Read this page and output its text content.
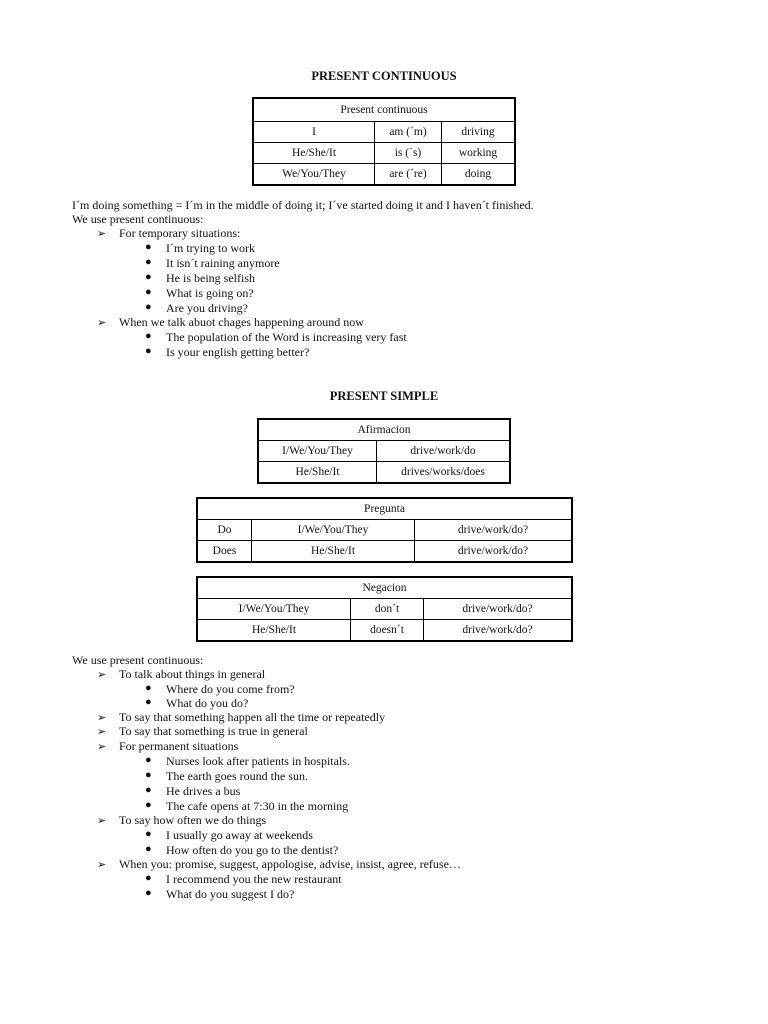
PRESENT CONTINUOUS
Present continuous		
I	am (´m)	driving
He/She/It	is (´s)	working
We/You/They	are (´re)	doing
I´m doing something = I´m in the middle of doing it; I´ve started doing it and I haven´t finished.
We use present continuous:
➢ For temporary situations:
● I´m trying to work
● It isn´t raining anymore
● He is being selfish
● What is going on?
● Are you driving?
➢ When we talk abuot chages happening around now
● The population of the Word is increasing very fast
● Is your english getting better?
PRESENT SIMPLE
Afirmacion	
I/We/You/They	drive/work/do
He/She/It	drives/works/does
Pregunta		
Do	I/We/You/They	drive/work/do?
Does	He/She/It	drive/work/do?
Negacion		
I/We/You/They	don´t	drive/work/do?
He/She/It	doesn´t	drive/work/do?
We use present continuous:
➢ To talk about things in general
● Where do you come from?
● What do you do?
➢ To say that something happen all the time or repeatedly
➢ To say that something is true in general
➢ For permanent situations
● Nurses look after patients in hospitals.
● The earth goes round the sun.
● He drives a bus
● The cafe opens at 7:30 in the morning
➢ To say how often we do things
● I usually go away at weekends
● How often do you go to the dentist?
➢ When you: promise, suggest, appologise, advise, insist, agree, refuse…
● I recommend you the new restaurant
● What do you suggest I do?
